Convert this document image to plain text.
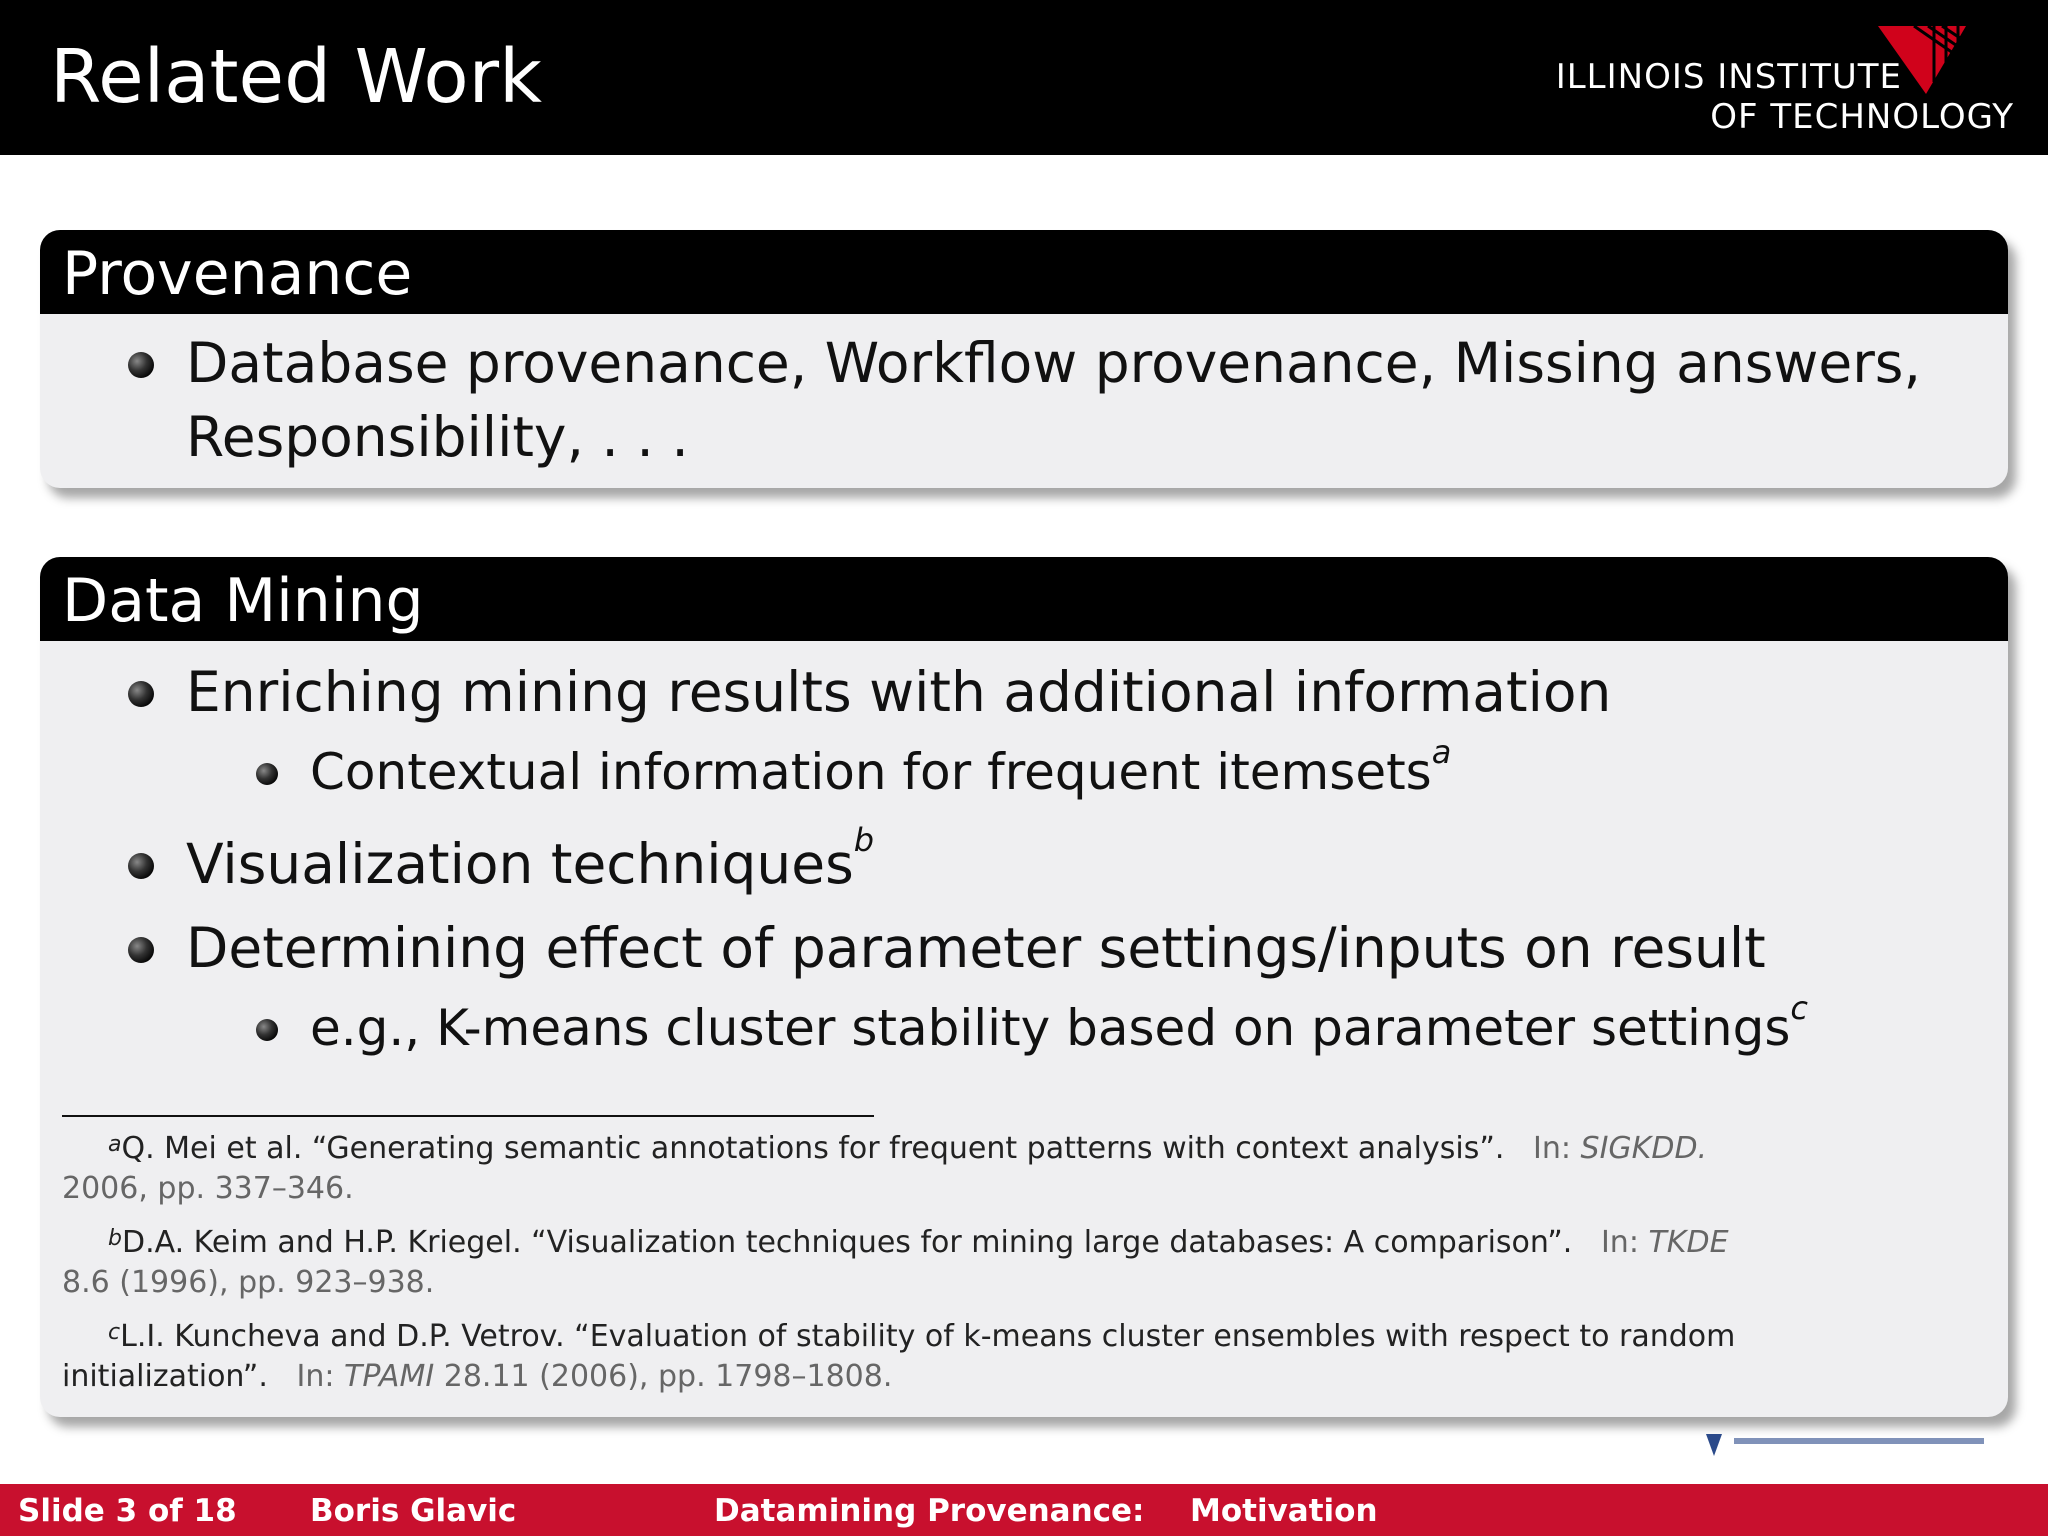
Related Work	ILLINOIS INSTITUTE
OF TECHNOLOGY
Provenance
Database provenance, Workflow provenance, Missing answers,
Responsibility, . . .
Data Mining
Enriching mining results with additional information
Contextual information for frequent itemsets$^a$
Visualization techniques$^b$
Determining effect of parameter settings/inputs on result
e.g., K-means cluster stability based on parameter settings$^c$
$^a$Q. Mei et al. “Generating semantic annotations for frequent patterns with context analysis”. In: SIGKDD.
2006, pp. 337–346.
$^b$D.A. Keim and H.P. Kriegel. “Visualization techniques for mining large databases: A comparison”. In: TKDE
8.6 (1996), pp. 923–938.
$^c$L.I. Kuncheva and D.P. Vetrov. “Evaluation of stability of k-means cluster ensembles with respect to random
initialization”. In: TPAMI 28.11 (2006), pp. 1798–1808.
Slide 3 of 18 Boris Glavic	Datamining Provenance: Motivation
